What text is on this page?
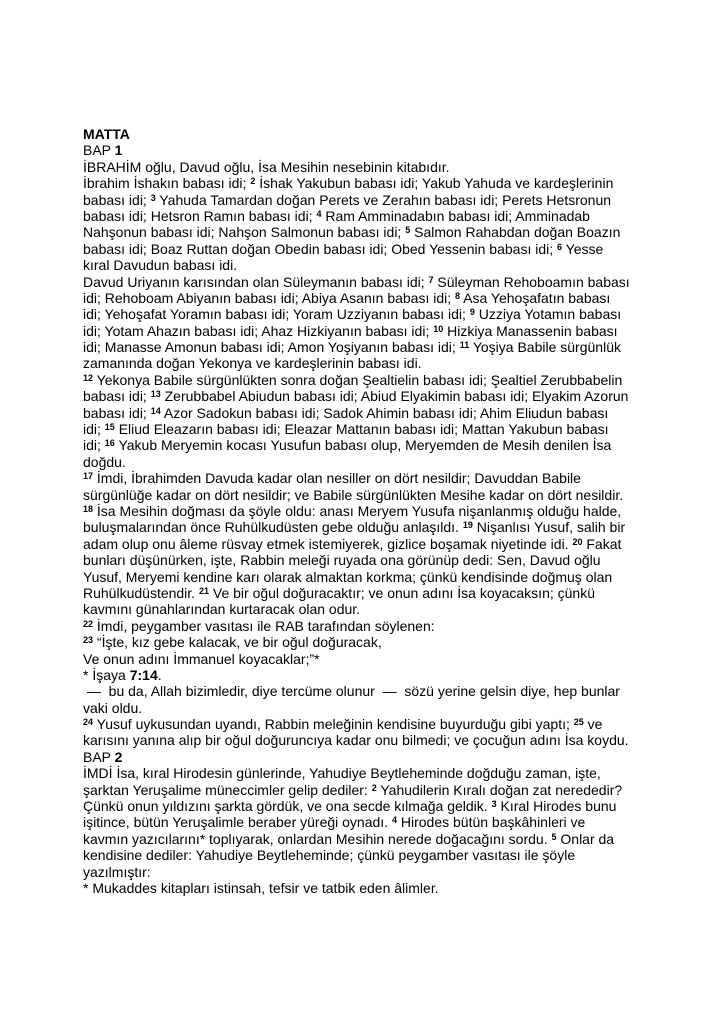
MATTA
BAP 1
İBRAHİM oğlu, Davud oğlu, İsa Mesihin nesebinin kitabıdır.
İbrahim İshakın babası idi; $^2$ İshak Yakubun babası idi; Yakub Yahuda ve kardeşlerinin
babası idi; $^3$ Yahuda Tamardan doğan Perets ve Zerahın babası idi; Perets Hetsronun
babası idi; Hetsron Ramın babası idi; $^4$ Ram Amminadabın babası idi; Amminadab
Nahşonun babası idi; Nahşon Salmonun babası idi; $^5$ Salmon Rahabdan doğan Boazın
babası idi; Boaz Ruttan doğan Obedin babası idi; Obed Yessenin babası idi; $^6$ Yesse
kıral Davudun babası idi.
Davud Uriyanın karısından olan Süleymanın babası idi; $^7$ Süleyman Rehoboamın babası
idi; Rehoboam Abiyanın babası idi; Abiya Asanın babası idi; $^8$ Asa Yehoşafatın babası
idi; Yehoşafat Yoramın babası idi; Yoram Uzziyanın babası idi; $^9$ Uzziya Yotamın babası
idi; Yotam Ahazın babası idi; Ahaz Hizkiyanın babası idi; $^{10}$ Hizkiya Manassenin babası
idi; Manasse Amonun babası idi; Amon Yoşiyanın babası idi; $^{11}$ Yoşiya Babile sürgünlük
zamanında doğan Yekonya ve kardeşlerinin babası idi.
$^{12}$ Yekonya Babile sürgünlükten sonra doğan Şealtielin babası idi; Şealtiel Zerubbabelin
babası idi; $^{13}$ Zerubbabel Abiudun babası idi; Abiud Elyakimin babası idi; Elyakim Azorun
babası idi; $^{14}$ Azor Sadokun babası idi; Sadok Ahimin babası idi; Ahim Eliudun babası
idi; $^{15}$ Eliud Eleazarın babası idi; Eleazar Mattanın babası idi; Mattan Yakubun babası
idi; $^{16}$ Yakub Meryemin kocası Yusufun babası olup, Meryemden de Mesih denilen İsa
doğdu.
$^{17}$ İmdi, İbrahimden Davuda kadar olan nesiller on dört nesildir; Davuddan Babile
sürgünlüğe kadar on dört nesildir; ve Babile sürgünlükten Mesihe kadar on dört nesildir.
$^{18}$ İsa Mesihin doğması da şöyle oldu: anası Meryem Yusufa nişanlanmış olduğu halde,
buluşmalarından önce Ruhülkudüsten gebe olduğu anlaşıldı. $^{19}$ Nişanlısı Yusuf, salih bir
adam olup onu âleme rüsvay etmek istemiyerek, gizlice boşamak niyetinde idi. $^{20}$ Fakat
bunları düşünürken, işte, Rabbin meleği ruyada ona görünüp dedi: Sen, Davud oğlu
Yusuf, Meryemi kendine karı olarak almaktan korkma; çünkü kendisinde doğmuş olan
Ruhülkudüstendir. $^{21}$ Ve bir oğul doğuracaktır; ve onun adını İsa koyacaksın; çünkü
kavmını günahlarından kurtaracak olan odur.
$^{22}$ İmdi, peygamber vasıtası ile RAB tarafından söylenen:
$^{23}$ “İşte, kız gebe kalacak, ve bir oğul doğuracak,
Ve onun adını İmmanuel koyacaklar;”*
* İşaya 7:14.
—  bu da, Allah bizimledir, diye tercüme olunur  —  sözü yerine gelsin diye, hep bunlar
vaki oldu.
$^{24}$ Yusuf uykusundan uyandı, Rabbin meleğinin kendisine buyurduğu gibi yaptı; $^{25}$ ve
karısını yanına alıp bir oğul doğuruncıya kadar onu bilmedi; ve çocuğun adını İsa koydu.
BAP 2
İMDİ İsa, kıral Hirodesin günlerinde, Yahudiye Beytleheminde doğduğu zaman, işte,
şarktan Yeruşalime müneccimler gelip dediler: $^2$ Yahudilerin Kıralı doğan zat nerededir?
Çünkü onun yıldızını şarkta gördük, ve ona secde kılmağa geldik. $^3$ Kıral Hirodes bunu
işitince, bütün Yeruşalimle beraber yüreği oynadı. $^4$ Hirodes bütün başkâhinleri ve
kavmın yazıcılarını* toplıyarak, onlardan Mesihin nerede doğacağını sordu. $^5$ Onlar da
kendisine dediler: Yahudiye Beytleheminde; çünkü peygamber vasıtası ile şöyle
yazılmıştır:
* Mukaddes kitapları istinsah, tefsir ve tatbik eden âlimler.
